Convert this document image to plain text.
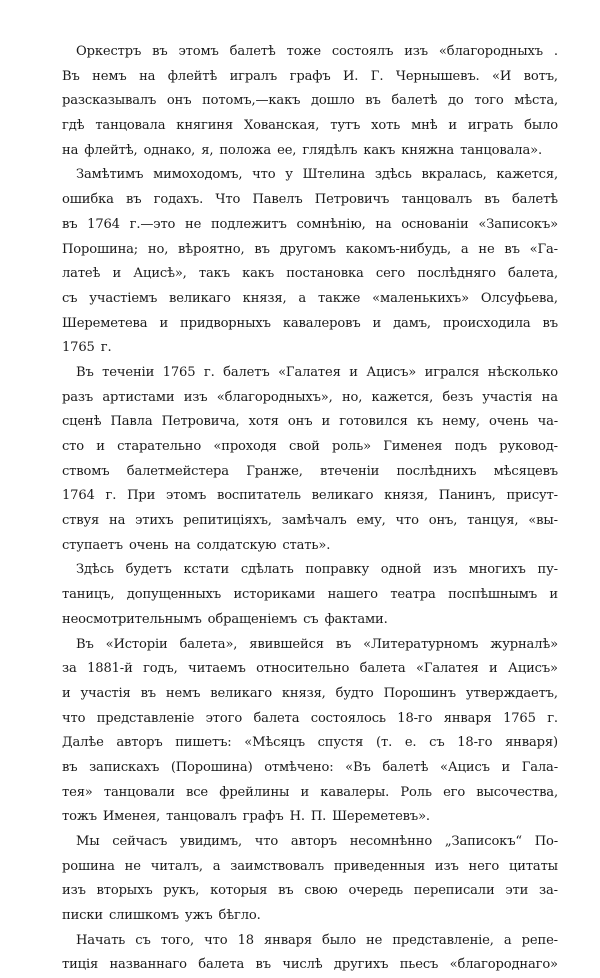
Оркестръ въ этомъ балетѣ тоже состоялъ изъ «благородныхъ .
Въ немъ на флейтѣ игралъ графъ И. Г. Чернышевъ. «И вотъ,
разсказывалъ онъ потомъ,—какъ дошло въ балетѣ до того мѣста,
гдѣ танцовала княгиня Хованская, тутъ хоть мнѣ и играть было
на флейтѣ, однако, я, положа ее, глядѣлъ какъ княжна танцовала».
Замѣтимъ мимоходомъ, что у Штелина здѣсь вкралась, кажется,
ошибка въ годахъ. Что Павелъ Петровичъ танцовалъ въ балетѣ
въ 1764 г.—это не подлежитъ сомнѣнію, на основаніи «Записокъ»
Порошина; но, вѣроятно, въ другомъ какомъ-нибудь, а не въ «Га-
латеѣ и Ацисѣ», такъ какъ постановка сего послѣдняго балета,
съ участіемъ великаго князя, а также «маленькихъ» Олсуфьева,
Шереметева и придворныхъ кавалеровъ и дамъ, происходила въ
1765 г.
Въ теченіи 1765 г. балетъ «Галатея и Ацисъ» игрался нѣсколько
разъ артистами изъ «благородныхъ», но, кажется, безъ участія на
сценѣ Павла Петровича, хотя онъ и готовился къ нему, очень ча-
сто и старательно «проходя свой роль» Гименея подъ руковод-
ствомъ балетмейстера Гранже, втеченіи послѣднихъ мѣсяцевъ
1764 г. При этомъ воспитатель великаго князя, Панинъ, присут-
ствуя на этихъ репитиціяхъ, замѣчалъ ему, что онъ, танцуя, «вы-
ступаетъ очень на солдатскую стать».
Здѣсь будетъ кстати сдѣлать поправку одной изъ многихъ пу-
таницъ, допущенныхъ историками нашего театра поспѣшнымъ и
неосмотрительнымъ обращеніемъ съ фактами.
Въ «Исторіи балета», явившейся въ «Литературномъ журналѣ»
за 1881-й годъ, читаемъ относительно балета «Галатея и Ацисъ»
и участія въ немъ великаго князя, будто Порошинъ утверждаетъ,
что представленіе этого балета состоялось 18-го января 1765 г.
Далѣе авторъ пишетъ: «Мѣсяцъ спустя (т. е. съ 18-го января)
въ запискахъ (Порошина) отмѣчено: «Въ балетѣ «Ацисъ и Гала-
тея» танцовали все фрейлины и кавалеры. Роль его высочества,
тожъ Именея, танцовалъ графъ Н. П. Шереметевъ».
Мы сейчасъ увидимъ, что авторъ несомнѣнно „Записокъ“ По-
рошина не читалъ, а заимствовалъ приведенныя изъ него цитаты
изъ вторыхъ рукъ, которыя въ свою очередь переписали эти за-
писки слишкомъ ужъ бѣгло.
Начать съ того, что 18 января было не представленіе, а репе-
тиція названнаго балета въ числѣ другихъ пьесъ «благороднаго»
